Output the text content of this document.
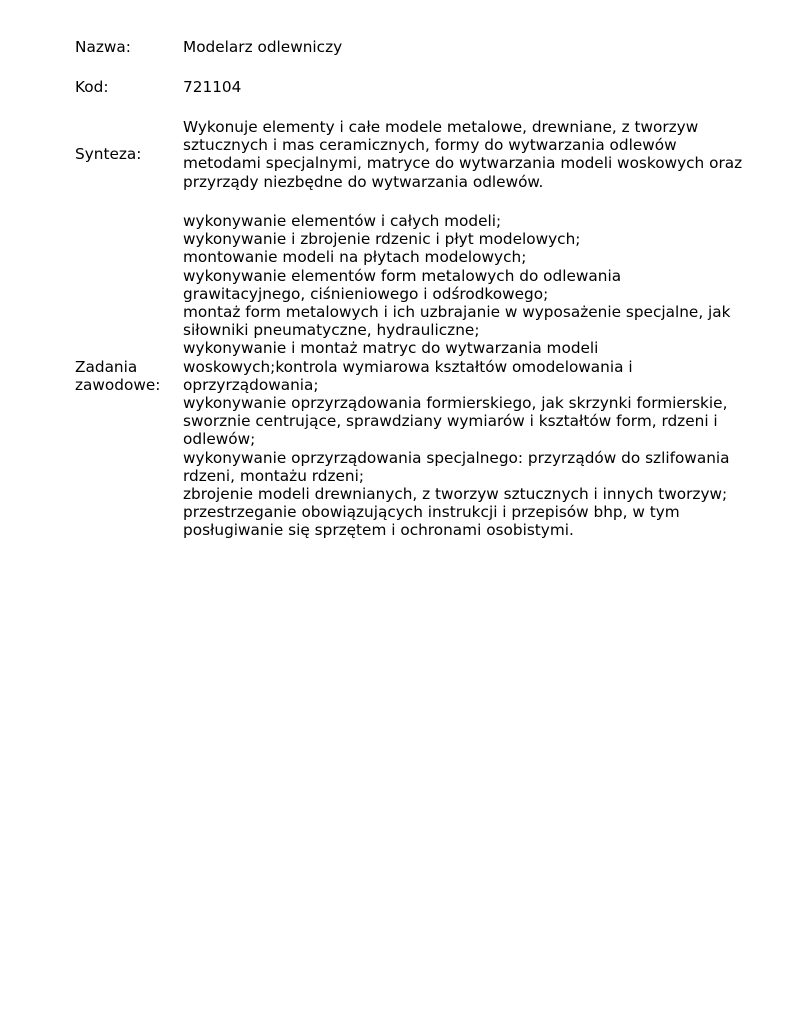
Nazwa:	Modelarz odlewniczy
Kod:	721104
Synteza:
Wykonuje elementy i całe modele metalowe, drewniane, z tworzyw
sztucznych i mas ceramicznych, formy do wytwarzania odlewów
metodami specjalnymi, matryce do wytwarzania modeli woskowych oraz
przyrządy niezbędne do wytwarzania odlewów.
Zadania
zawodowe:
wykonywanie elementów i całych modeli;
wykonywanie i zbrojenie rdzenic i płyt modelowych;
montowanie modeli na płytach modelowych;
wykonywanie elementów form metalowych do odlewania
grawitacyjnego, ciśnieniowego i odśrodkowego;
montaż form metalowych i ich uzbrajanie w wyposażenie specjalne, jak
siłowniki pneumatyczne, hydrauliczne;
wykonywanie i montaż matryc do wytwarzania modeli
woskowych;kontrola wymiarowa kształtów omodelowania i
oprzyrządowania;
wykonywanie oprzyrządowania formierskiego, jak skrzynki formierskie,
sworznie centrujące, sprawdziany wymiarów i kształtów form, rdzeni i
odlewów;
wykonywanie oprzyrządowania specjalnego: przyrządów do szlifowania
rdzeni, montażu rdzeni;
zbrojenie modeli drewnianych, z tworzyw sztucznych i innych tworzyw;
przestrzeganie obowiązujących instrukcji i przepisów bhp, w tym
posługiwanie się sprzętem i ochronami osobistymi.
